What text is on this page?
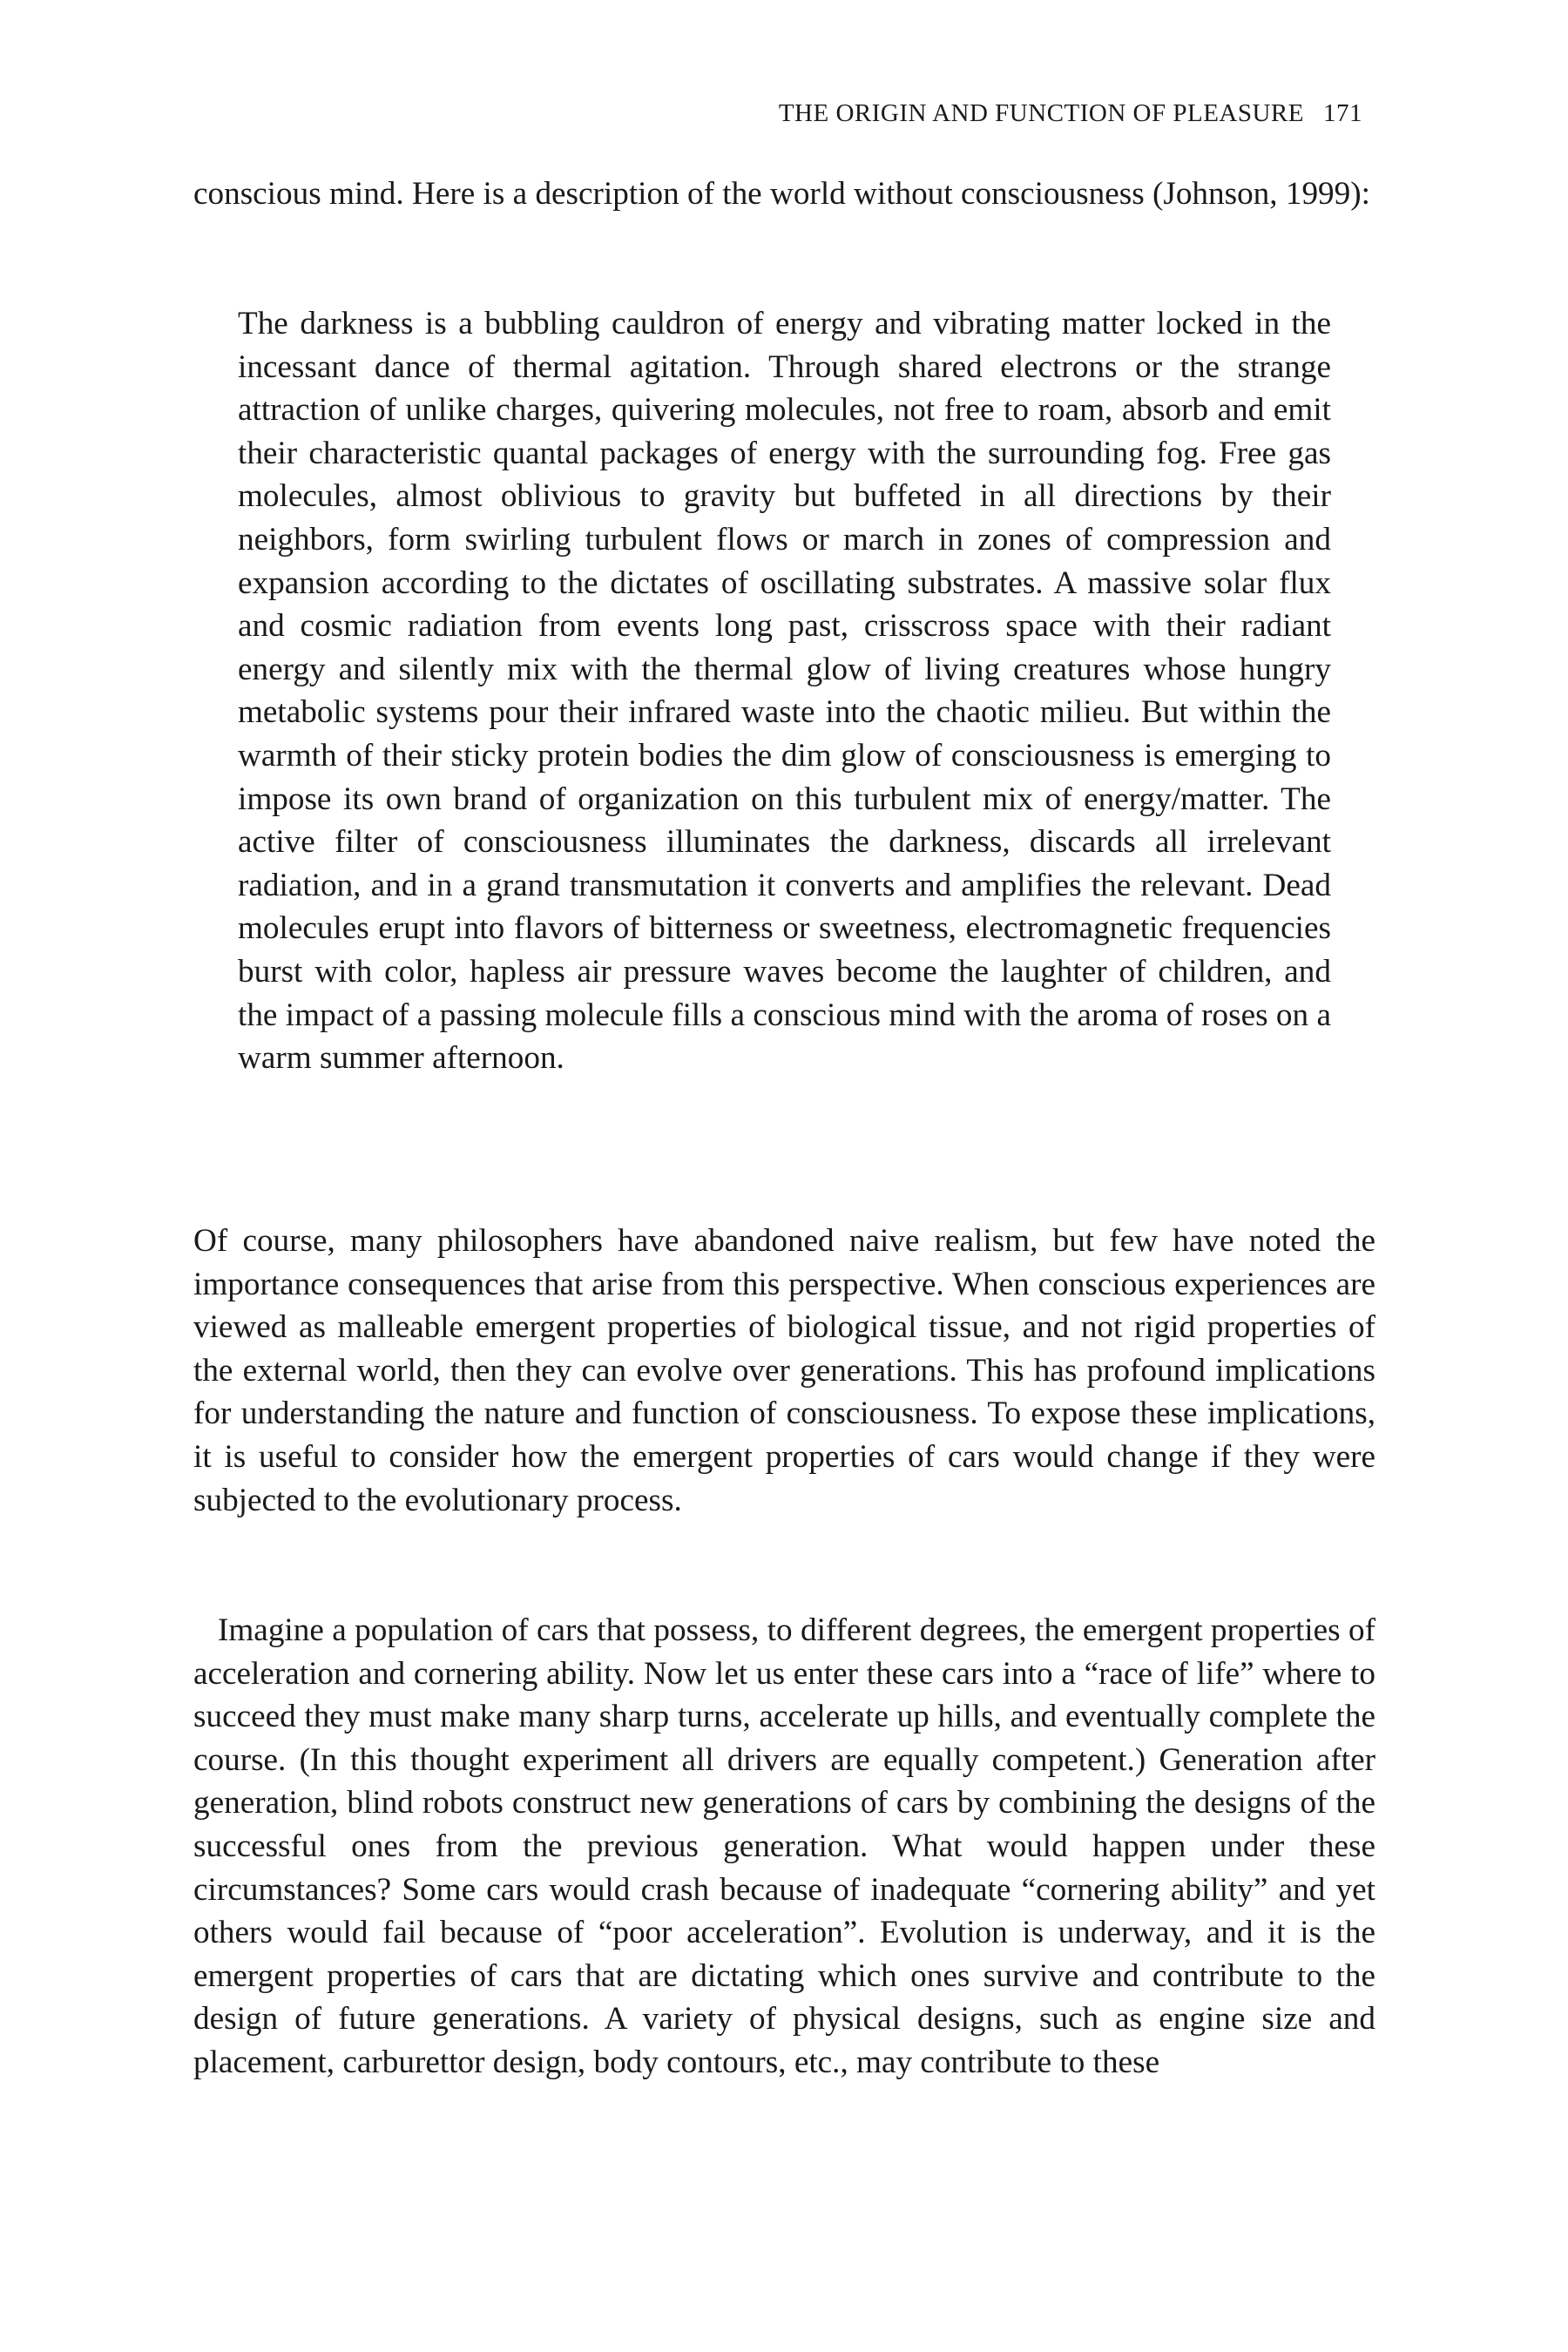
THE ORIGIN AND FUNCTION OF PLEASURE 171

conscious mind. Here is a description of the world without consciousness (Johnson, 1999):

The darkness is a bubbling cauldron of energy and vibrating matter locked in the incessant dance of thermal agitation. Through shared electrons or the strange attraction of unlike charges, quivering molecules, not free to roam, absorb and emit their characteristic quantal packages of energy with the surrounding fog. Free gas molecules, almost oblivious to gravity but buffeted in all directions by their neighbors, form swirling turbulent flows or march in zones of compression and expansion according to the dictates of oscillating substrates. A massive solar flux and cosmic radiation from events long past, crisscross space with their radiant energy and silently mix with the thermal glow of living creatures whose hungry metabolic systems pour their infrared waste into the chaotic milieu. But within the warmth of their sticky protein bodies the dim glow of consciousness is emerging to impose its own brand of organization on this turbulent mix of energy/matter. The active filter of consciousness illuminates the darkness, discards all irrelevant radiation, and in a grand transmutation it converts and amplifies the relevant. Dead molecules erupt into flavors of bitterness or sweetness, electromagnetic frequencies burst with color, hapless air pressure waves become the laughter of children, and the impact of a passing molecule fills a conscious mind with the aroma of roses on a warm summer afternoon.

Of course, many philosophers have abandoned naive realism, but few have noted the importance consequences that arise from this perspective. When conscious experiences are viewed as malleable emergent properties of biological tissue, and not rigid properties of the external world, then they can evolve over generations. This has profound implications for understanding the nature and function of consciousness. To expose these implications, it is useful to consider how the emergent properties of cars would change if they were subjected to the evolutionary process.

Imagine a population of cars that possess, to different degrees, the emergent properties of acceleration and cornering ability. Now let us enter these cars into a “race of life” where to succeed they must make many sharp turns, accelerate up hills, and eventually complete the course. (In this thought experiment all drivers are equally competent.) Generation after generation, blind robots construct new generations of cars by combining the designs of the successful ones from the previous generation. What would happen under these circumstances? Some cars would crash because of inadequate “cornering ability” and yet others would fail because of “poor acceleration”. Evolution is underway, and it is the emergent properties of cars that are dictating which ones survive and contribute to the design of future generations. A variety of physical designs, such as engine size and placement, carburettor design, body contours, etc., may contribute to these
